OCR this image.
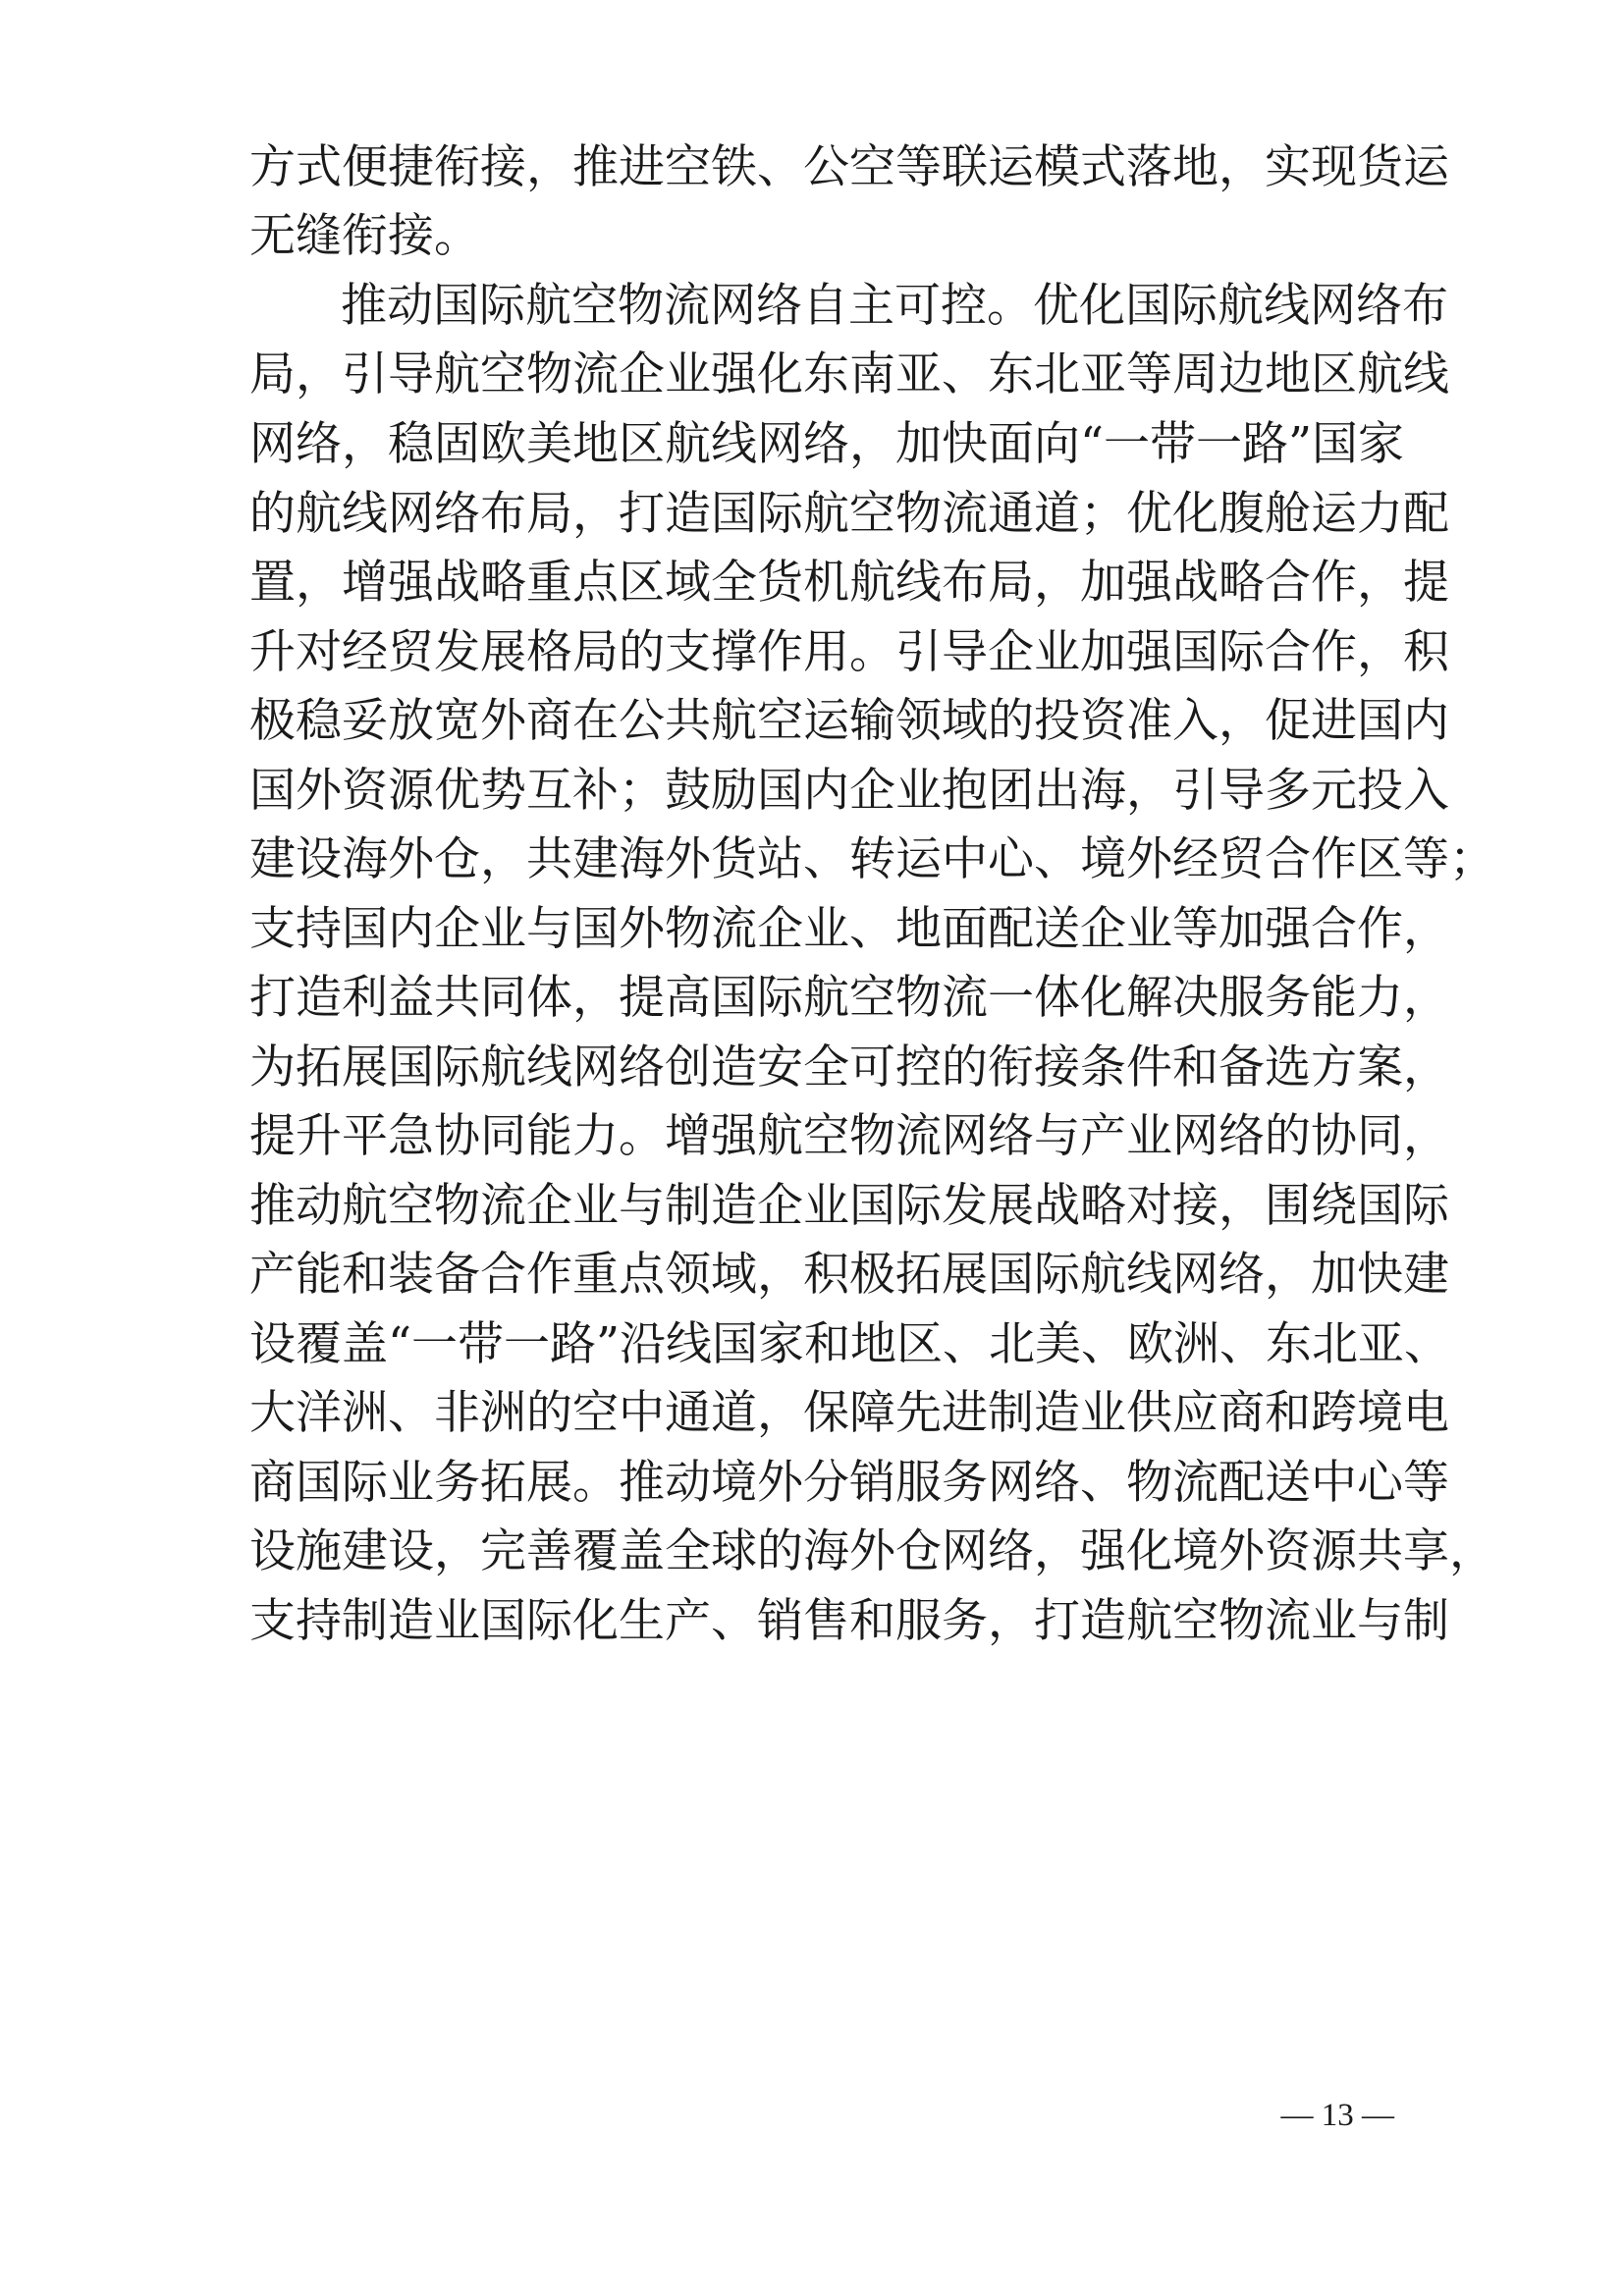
方式便捷衔接，推进空铁、公空等联运模式落地，实现货运
无缝衔接。
推动国际航空物流网络自主可控。优化国际航线网络布
局，引导航空物流企业强化东南亚、东北亚等周边地区航线
网络，稳固欧美地区航线网络，加快面向“一带一路”国家
的航线网络布局，打造国际航空物流通道；优化腹舱运力配
置，增强战略重点区域全货机航线布局，加强战略合作，提
升对经贸发展格局的支撑作用。引导企业加强国际合作，积
极稳妥放宽外商在公共航空运输领域的投资准入，促进国内
国外资源优势互补；鼓励国内企业抱团出海，引导多元投入
建设海外仓，共建海外货站、转运中心、境外经贸合作区等；
支持国内企业与国外物流企业、地面配送企业等加强合作，
打造利益共同体，提高国际航空物流一体化解决服务能力，
为拓展国际航线网络创造安全可控的衔接条件和备选方案，
提升平急协同能力。增强航空物流网络与产业网络的协同，
推动航空物流企业与制造企业国际发展战略对接，围绕国际
产能和装备合作重点领域，积极拓展国际航线网络，加快建
设覆盖“一带一路”沿线国家和地区、北美、欧洲、东北亚、
大洋洲、非洲的空中通道，保障先进制造业供应商和跨境电
商国际业务拓展。推动境外分销服务网络、物流配送中心等
设施建设，完善覆盖全球的海外仓网络，强化境外资源共享，
支持制造业国际化生产、销售和服务，打造航空物流业与制
— 13 —
